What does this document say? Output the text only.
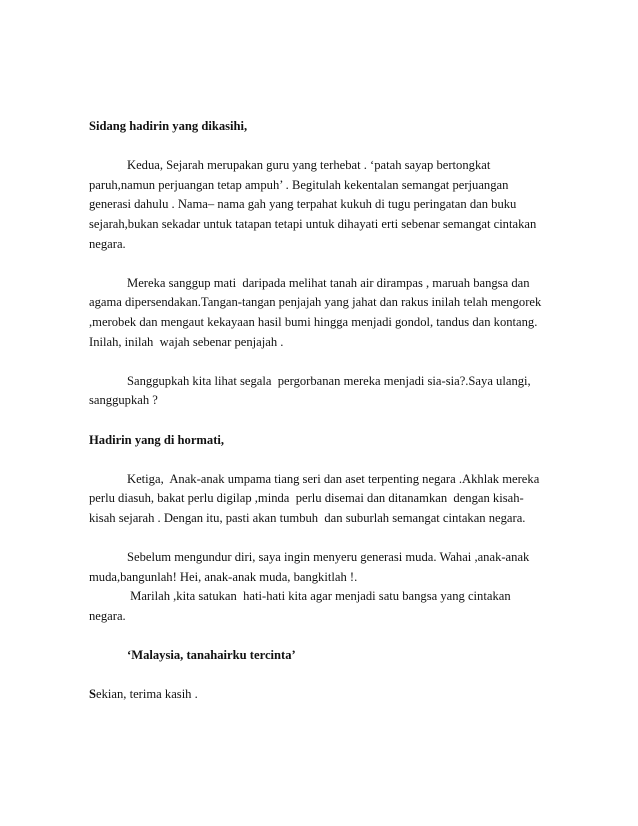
Sidang hadirin yang dikasihi,
Kedua, Sejarah merupakan guru yang terhebat . ‘patah sayap bertongkat
paruh,namun perjuangan tetap ampuh’ . Begitulah kekentalan semangat perjuangan
generasi dahulu . Nama– nama gah yang terpahat kukuh di tugu peringatan dan buku
sejarah,bukan sekadar untuk tatapan tetapi untuk dihayati erti sebenar semangat cintakan
negara.
Mereka sanggup mati  daripada melihat tanah air dirampas , maruah bangsa dan
agama dipersendakan.Tangan-tangan penjajah yang jahat dan rakus inilah telah mengorek
,merobek dan mengaut kekayaan hasil bumi hingga menjadi gondol, tandus dan kontang.
Inilah, inilah  wajah sebenar penjajah .
Sanggupkah kita lihat segala  pergorbanan mereka menjadi sia-sia?.Saya ulangi,
sanggupkah ?
Hadirin yang di hormati,
Ketiga,  Anak-anak umpama tiang seri dan aset terpenting negara .Akhlak mereka
perlu diasuh, bakat perlu digilap ,minda  perlu disemai dan ditanamkan  dengan kisah-
kisah sejarah . Dengan itu, pasti akan tumbuh  dan suburlah semangat cintakan negara.
Sebelum mengundur diri, saya ingin menyeru generasi muda. Wahai ,anak-anak
muda,bangunlah! Hei, anak-anak muda, bangkitlah !.
Marilah ,kita satukan  hati-hati kita agar menjadi satu bangsa yang cintakan
negara.
‘Malaysia, tanahairku tercinta’
Sekian, terima kasih .
